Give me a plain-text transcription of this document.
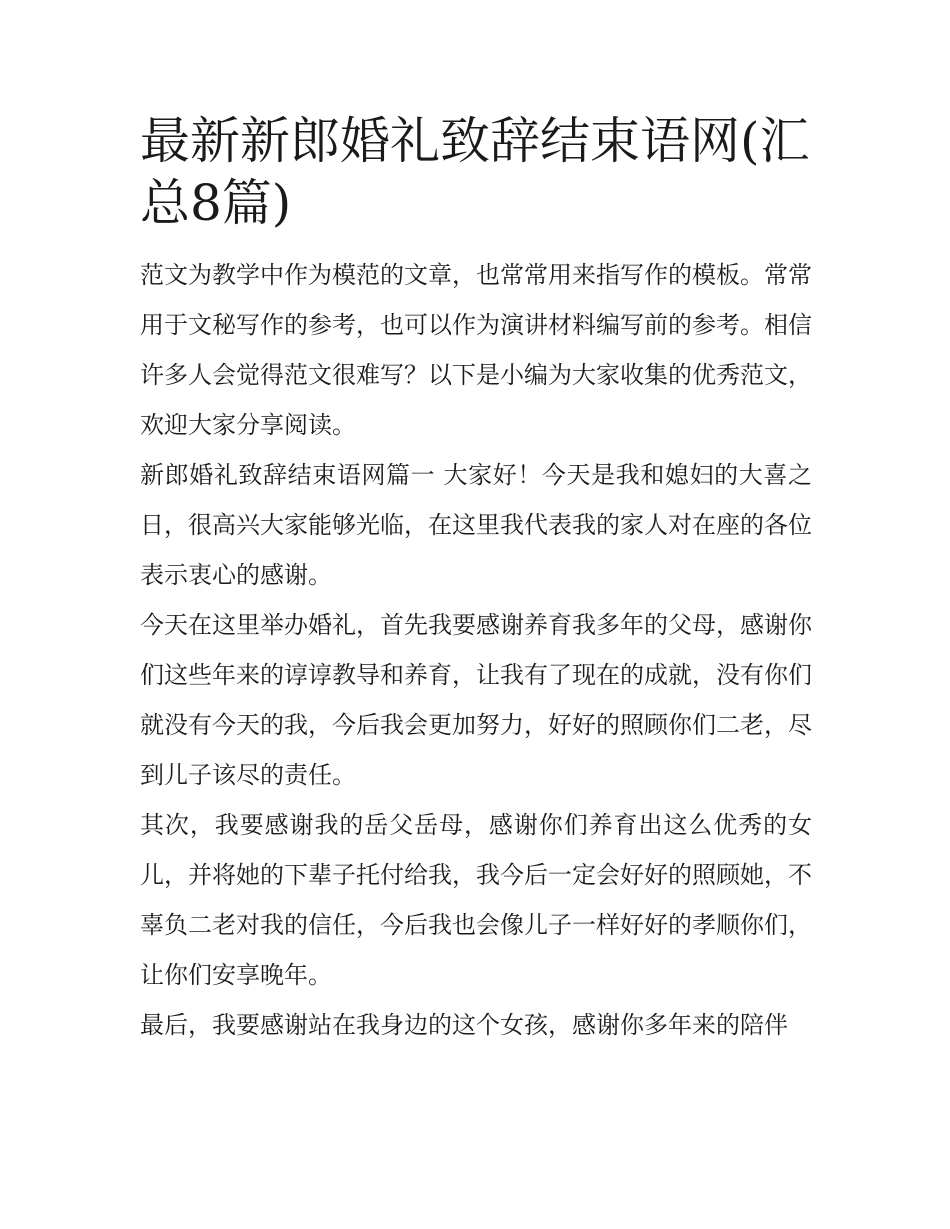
最新新郎婚礼致辞结束语网(汇总8篇)

范文为教学中作为模范的文章，也常常用来指写作的模板。常常用于文秘写作的参考，也可以作为演讲材料编写前的参考。相信许多人会觉得范文很难写？以下是小编为大家收集的优秀范文，欢迎大家分享阅读。

新郎婚礼致辞结束语网篇一 大家好！今天是我和媳妇的大喜之日，很高兴大家能够光临，在这里我代表我的家人对在座的各位表示衷心的感谢。

今天在这里举办婚礼，首先我要感谢养育我多年的父母，感谢你们这些年来的谆谆教导和养育，让我有了现在的成就，没有你们就没有今天的我，今后我会更加努力，好好的照顾你们二老，尽到儿子该尽的责任。

其次，我要感谢我的岳父岳母，感谢你们养育出这么优秀的女儿，并将她的下辈子托付给我，我今后一定会好好的照顾她，不辜负二老对我的信任，今后我也会像儿子一样好好的孝顺你们，让你们安享晚年。

最后，我要感谢站在我身边的这个女孩，感谢你多年来的陪伴
